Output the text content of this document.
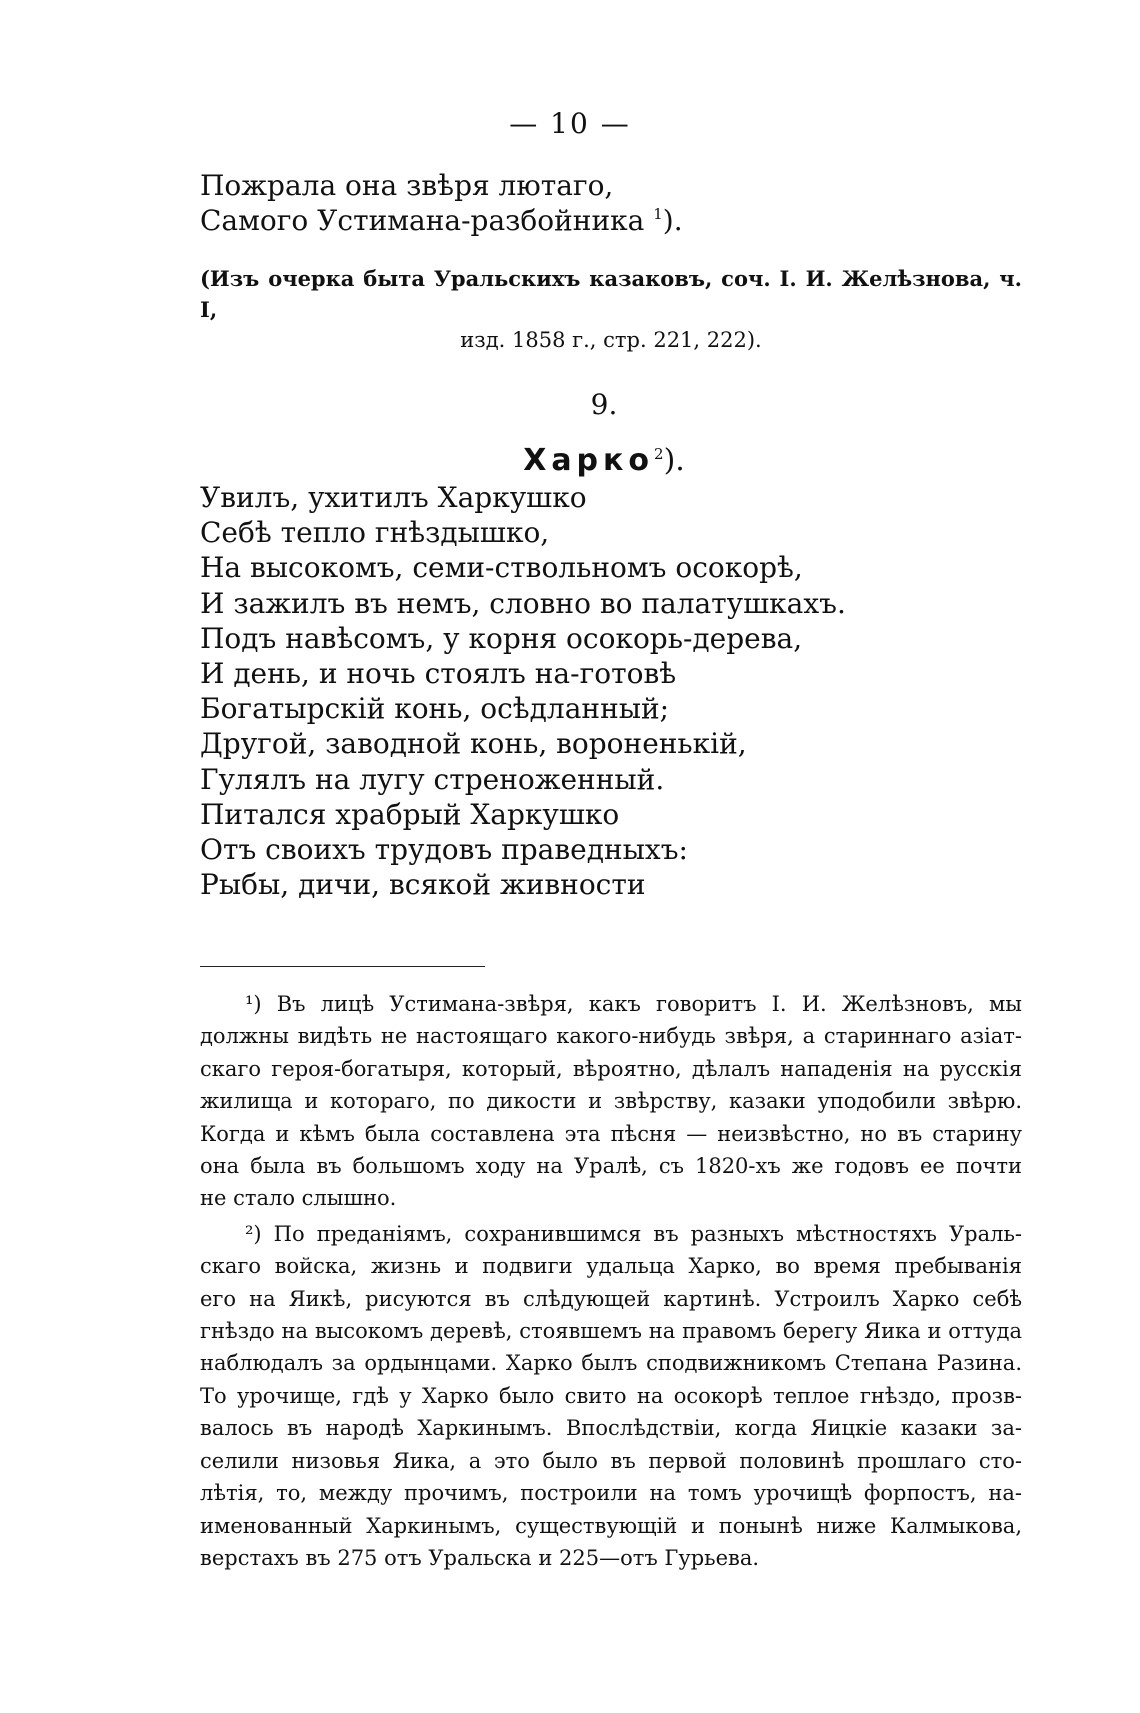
— 10 —
Пожрала она звѣря лютаго,
Самого Устимана-разбойника $^1$).
(Изъ очерка быта Уральскихъ казаковъ, соч. І. И. Желѣзнова, ч. І,
изд. 1858 г., стр. 221, 222).
9.
Харко$^2$).
Увилъ, ухитилъ Харкушко
Себѣ тепло гнѣздышко,
На высокомъ, семи-ствольномъ осокорѣ,
И зажилъ въ немъ, словно во палатушкахъ.
Подъ навѣсомъ, у корня осокорь-дерева,
И день, и ночь стоялъ на-готовѣ
Богатырскій конь, осѣдланный;
Другой, заводной конь, вороненькій,
Гулялъ на лугу стреноженный.
Питался храбрый Харкушко
Отъ своихъ трудовъ праведныхъ:
Рыбы, дичи, всякой живности
¹) Въ лицѣ Устимана-звѣря, какъ говоритъ І. И. Желѣзновъ, мы
должны видѣть не настоящаго какого-нибудь звѣря, а стариннаго азіат-
скаго героя-богатыря, который, вѣроятно, дѣлалъ нападенія на русскія
жилища и котораго, по дикости и звѣрству, казаки уподобили звѣрю.
Когда и кѣмъ была составлена эта пѣсня — неизвѣстно, но въ старину
она была въ большомъ ходу на Уралѣ, съ 1820-хъ же годовъ ее почти
не стало слышно.
²) По преданіямъ, сохранившимся въ разныхъ мѣстностяхъ Ураль-
скаго войска, жизнь и подвиги удальца Харко, во время пребыванія
его на Яикѣ, рисуются въ слѣдующей картинѣ. Устроилъ Харко себѣ
гнѣздо на высокомъ деревѣ, стоявшемъ на правомъ берегу Яика и оттуда
наблюдалъ за ордынцами. Харко былъ сподвижникомъ Степана Разина.
То урочище, гдѣ у Харко было свито на осокорѣ теплое гнѣздо, прозв-
валось въ народѣ Харкинымъ. Впослѣдствіи, когда Яицкіе казаки за-
селили низовья Яика, а это было въ первой половинѣ прошлаго сто-
лѣтія, то, между прочимъ, построили на томъ урочищѣ форпостъ, на-
именованный Харкинымъ, существующій и понынѣ ниже Калмыкова,
верстахъ въ 275 отъ Уральска и 225—отъ Гурьева.
